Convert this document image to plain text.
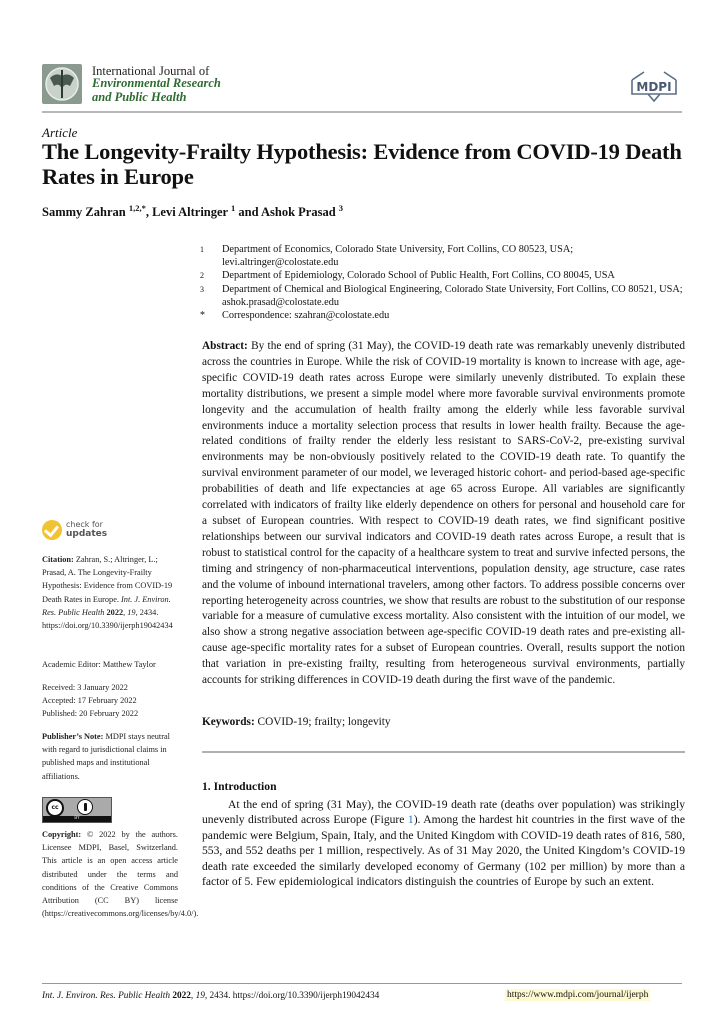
International Journal of
Environmental Research
and Public Health
MDPI
Article
The Longevity-Frailty Hypothesis: Evidence from COVID-19 Death Rates in Europe
Sammy Zahran $^{1,2,*}$, Levi Altringer $^1$ and Ashok Prasad $^3$
1	Department of Economics, Colorado State University, Fort Collins, CO 80523, USA;
levi.altringer@colostate.edu
2	Department of Epidemiology, Colorado School of Public Health, Fort Collins, CO 80045, USA
3	Department of Chemical and Biological Engineering, Colorado State University, Fort Collins, CO 80521, USA;
ashok.prasad@colostate.edu
*	Correspondence: szahran@colostate.edu
Abstract: By the end of spring (31 May), the COVID-19 death rate was remarkably unevenly distributed across the countries in Europe. While the risk of COVID-19 mortality is known to increase with age, age-specific COVID-19 death rates across Europe were similarly unevenly distributed. To explain these mortality distributions, we present a simple model where more favorable survival environments promote longevity and the accumulation of health frailty among the elderly while less favorable survival environments induce a mortality selection process that results in lower health frailty. Because the age-related conditions of frailty render the elderly less resistant to SARS-CoV-2, pre-existing survival environments may be non-obviously positively related to the COVID-19 death rate. To quantify the survival environment parameter of our model, we leveraged historic cohort- and period-based age-specific probabilities of death and life expectancies at age 65 across Europe. All variables are significantly correlated with indicators of frailty like elderly dependence on others for personal and household care for a subset of European countries. With respect to COVID-19 death rates, we find significant positive relationships between our survival indicators and COVID-19 death rates across Europe, a result that is robust to statistical control for the capacity of a healthcare system to treat and survive infected persons, the timing and stringency of non-pharmaceutical interventions, population density, age structure, case rates and the volume of inbound international travelers, among other factors. To address possible concerns over reporting heterogeneity across countries, we show that results are robust to the substitution of our response variable for a measure of cumulative excess mortality. Also consistent with the intuition of our model, we also show a strong negative association between age-specific COVID-19 death rates and pre-existing all-cause age-specific mortality rates for a subset of European countries. Overall, results support the notion that variation in pre-existing frailty, resulting from heterogeneous survival environments, partially accounts for striking differences in COVID-19 death during the first wave of the pandemic.
Keywords: COVID-19; frailty; longevity
1. Introduction
At the end of spring (31 May), the COVID-19 death rate (deaths over population) was strikingly unevenly distributed across Europe (Figure 1). Among the hardest hit countries in the first wave of the pandemic were Belgium, Spain, Italy, and the United Kingdom with COVID-19 death rates of 816, 580, 553, and 552 deaths per 1 million, respectively. As of 31 May 2020, the United Kingdom’s COVID-19 death rate exceeded the similarly developed economy of Germany (102 per million) by more than a factor of 5. Few epidemiological indicators distinguish the countries of Europe by such an extent.
check for
updates
Citation: Zahran, S.; Altringer, L.; Prasad, A. The Longevity-Frailty Hypothesis: Evidence from COVID-19 Death Rates in Europe. Int. J. Environ. Res. Public Health 2022, 19, 2434. https://doi.org/10.3390/ijerph19042434
Academic Editor: Matthew Taylor
Received: 3 January 2022
Accepted: 17 February 2022
Published: 20 February 2022
Publisher’s Note: MDPI stays neutral with regard to jurisdictional claims in published maps and institutional affiliations.
cc
BY
Copyright: © 2022 by the authors. Licensee MDPI, Basel, Switzerland. This article is an open access article distributed under the terms and conditions of the Creative Commons Attribution (CC BY) license (https://creativecommons.org/licenses/by/4.0/).
Int. J. Environ. Res. Public Health 2022, 19, 2434. https://doi.org/10.3390/ijerph19042434	https://www.mdpi.com/journal/ijerph
